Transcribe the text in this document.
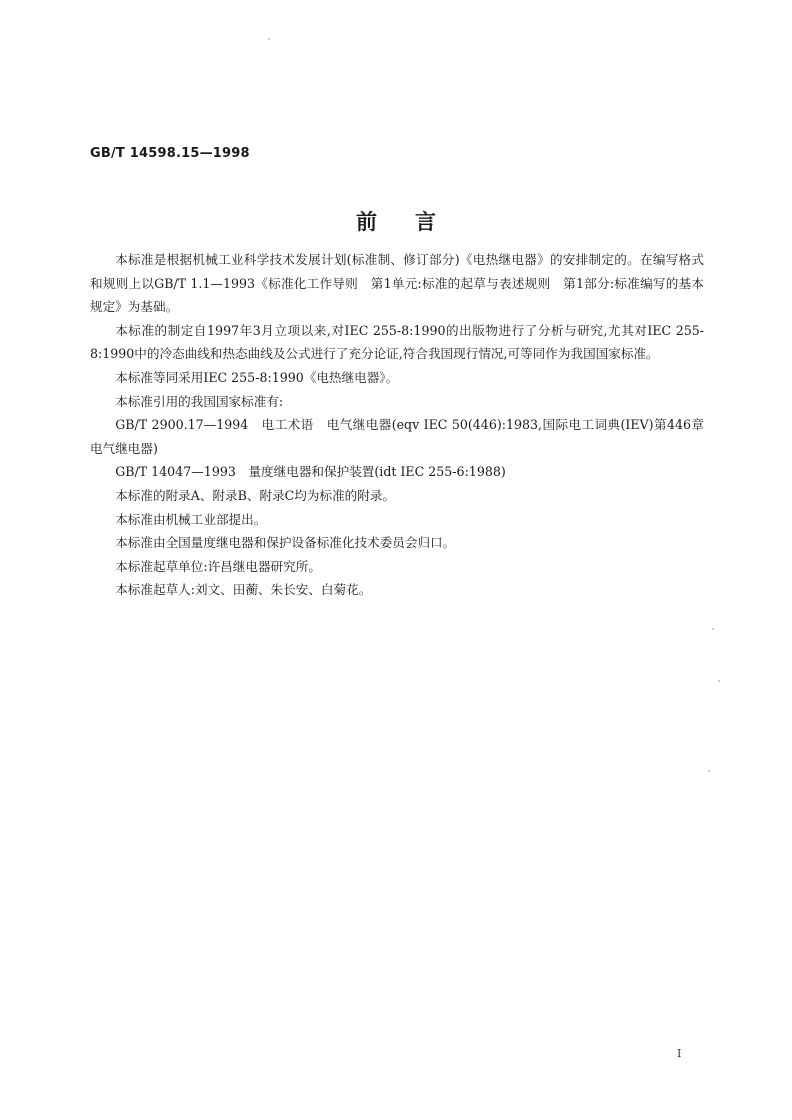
GB/T 14598.15—1998
前言

本标准是根据机械工业科学技术发展计划(标准制、修订部分)《电热继电器》的安排制定的。在编写格式和规则上以GB/T 1.1—1993《标准化工作导则　第1单元:标准的起草与表述规则　第1部分:标准编写的基本规定》为基础。

本标准的制定自1997年3月立项以来,对IEC 255-8:1990的出版物进行了分析与研究,尤其对IEC 255-8:1990中的冷态曲线和热态曲线及公式进行了充分论证,符合我国现行情况,可等同作为我国国家标准。

本标准等同采用IEC 255-8:1990《电热继电器》。

本标准引用的我国国家标准有:

GB/T 2900.17—1994　电工术语　电气继电器(eqv IEC 50(446):1983,国际电工词典(IEV)第446章　电气继电器)

GB/T 14047—1993　量度继电器和保护装置(idt IEC 255-6:1988)

本标准的附录A、附录B、附录C均为标准的附录。

本标准由机械工业部提出。

本标准由全国量度继电器和保护设备标准化技术委员会归口。

本标准起草单位:许昌继电器研究所。

本标准起草人:刘文、田蘅、朱长安、白菊花。

I
